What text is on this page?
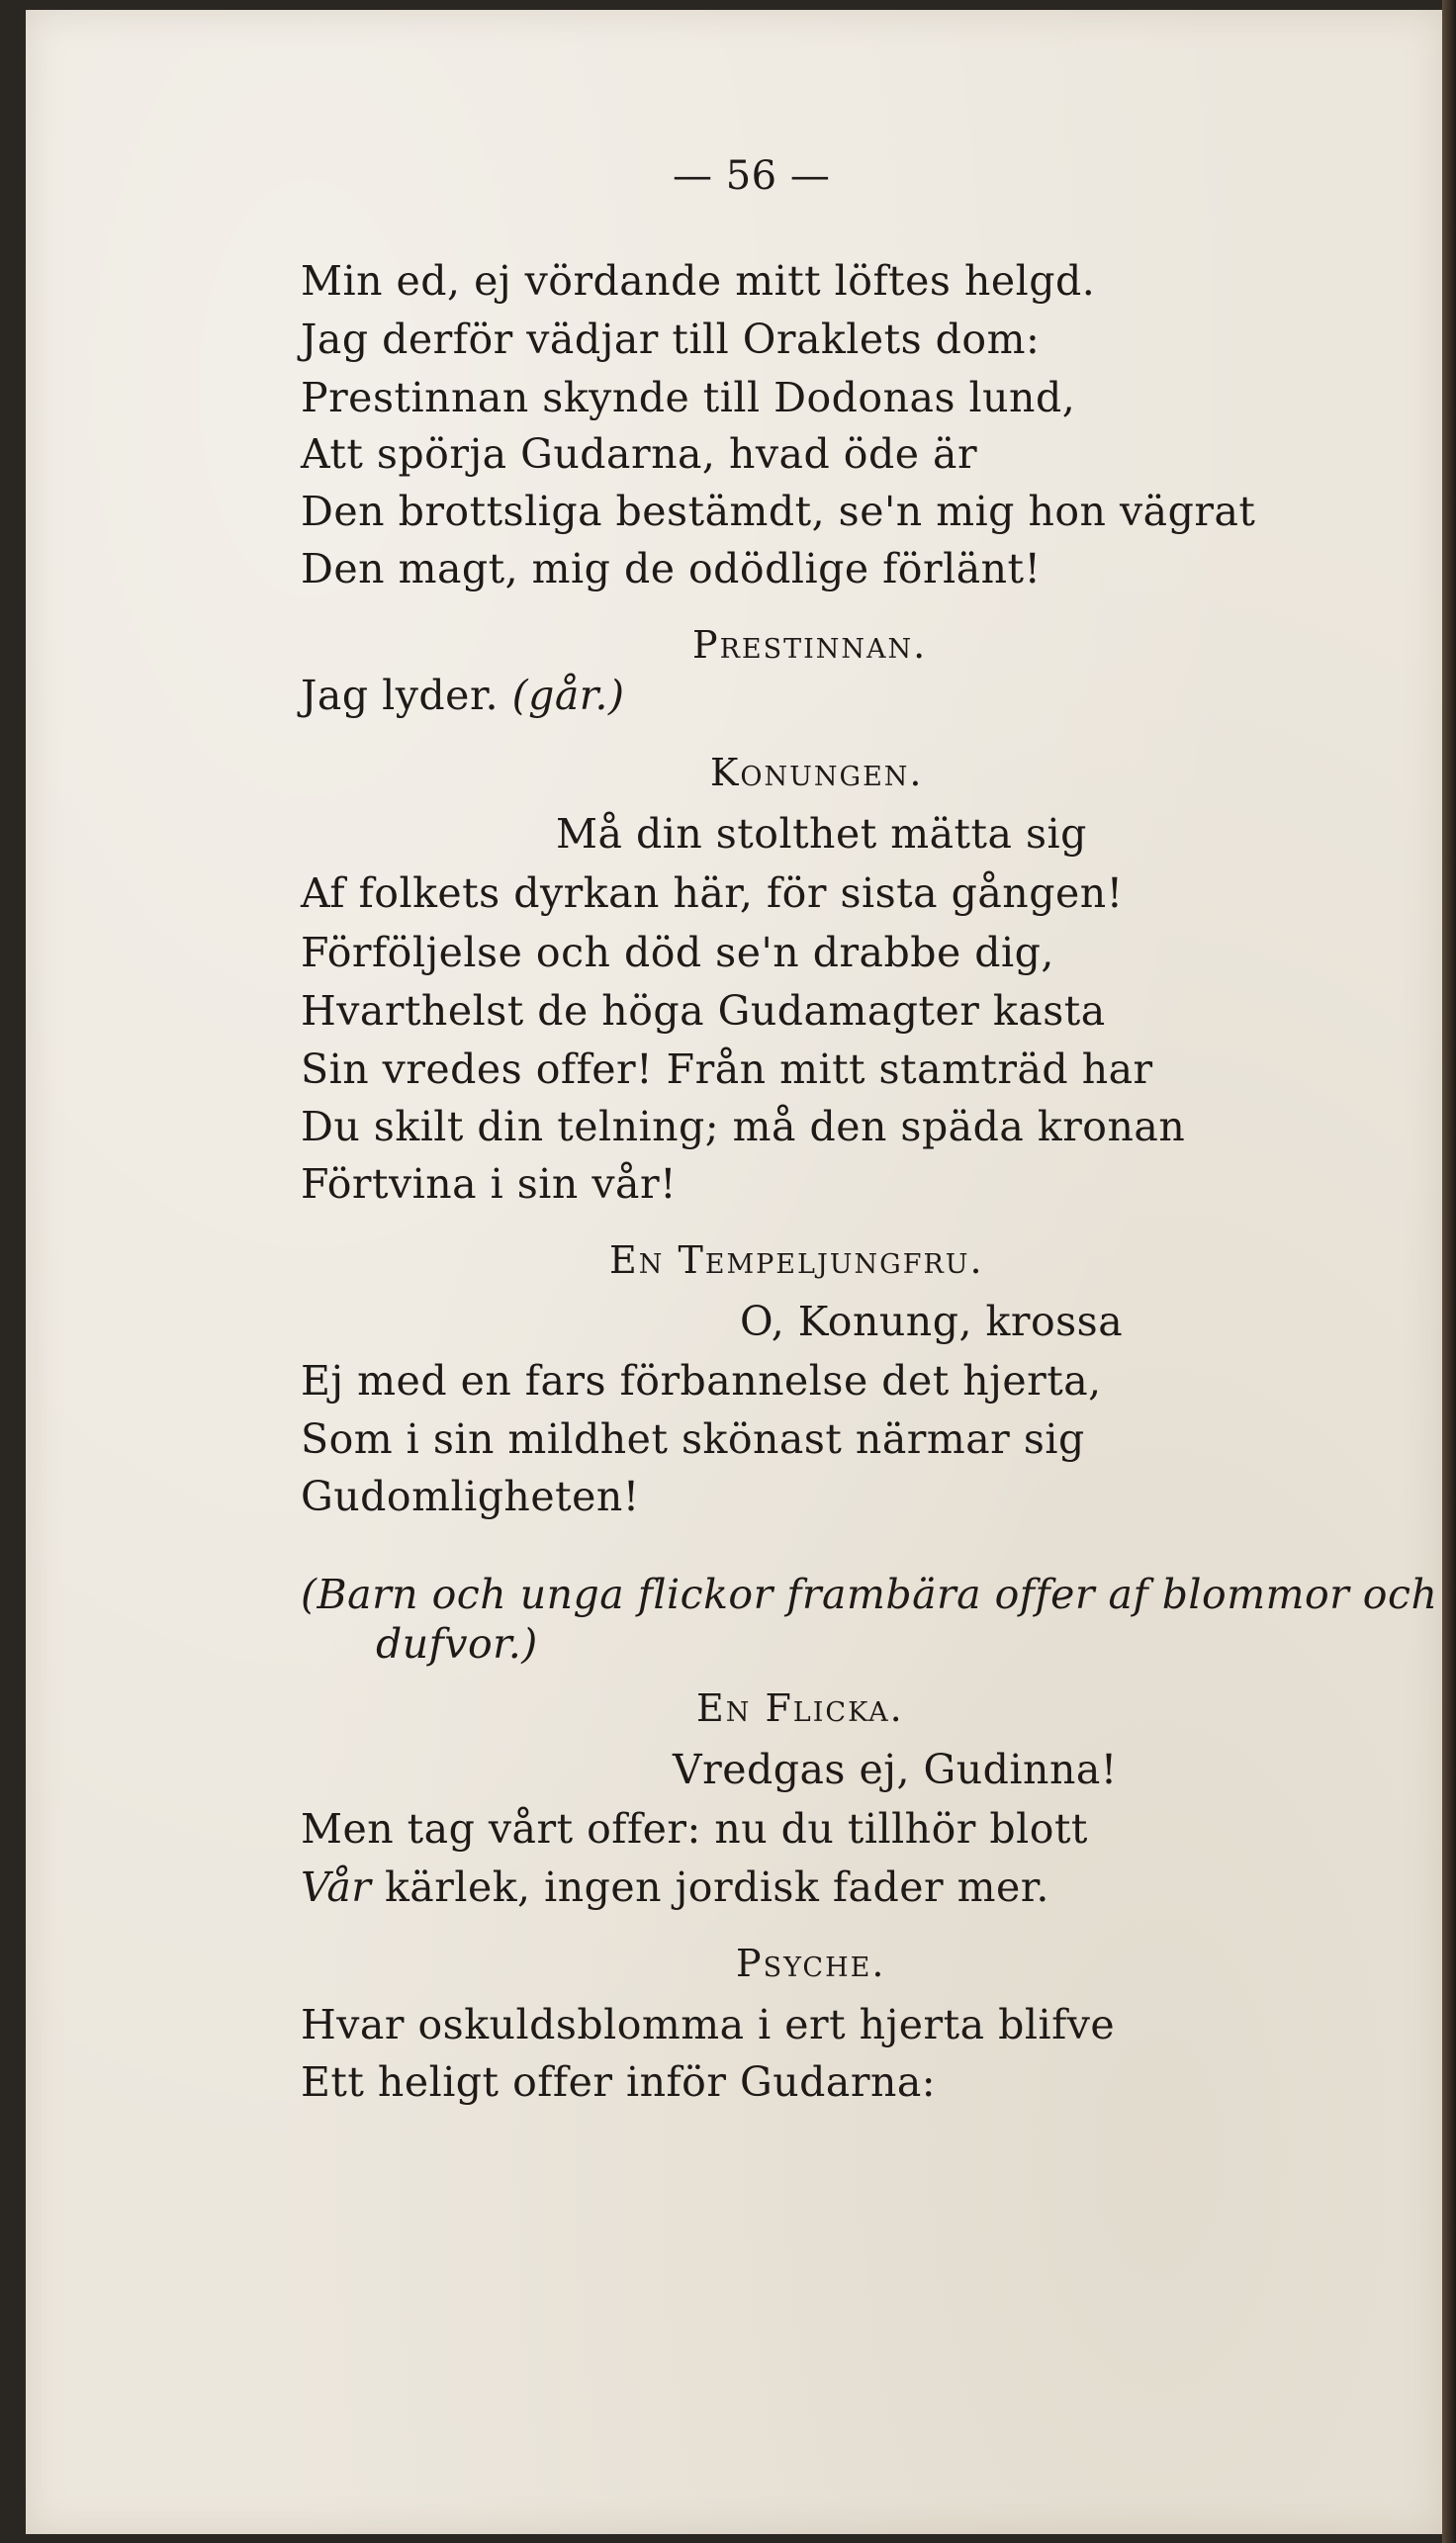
— 56 —
Min ed, ej vördande mitt löftes helgd.
Jag derför vädjar till Oraklets dom:
Prestinnan skynde till Dodonas lund,
Att spörja Gudarna, hvad öde är
Den brottsliga bestämdt, se'n mig hon vägrat
Den magt, mig de odödlige förlänt!
Prestinnan.
Jag lyder. (går.)
Konungen.
Må din stolthet mätta sig
Af folkets dyrkan här, för sista gången!
Förföljelse och död se'n drabbe dig,
Hvarthelst de höga Gudamagter kasta
Sin vredes offer! Från mitt stamträd har
Du skilt din telning; må den späda kronan
Förtvina i sin vår!
En Tempeljungfru.
O, Konung, krossa
Ej med en fars förbannelse det hjerta,
Som i sin mildhet skönast närmar sig
Gudomligheten!
(Barn och unga flickor frambära offer af blommor och
dufvor.)
En Flicka.
Vredgas ej, Gudinna!
Men tag vårt offer: nu du tillhör blott
Vår kärlek, ingen jordisk fader mer.
Psyche.
Hvar oskuldsblomma i ert hjerta blifve
Ett heligt offer inför Gudarna:
